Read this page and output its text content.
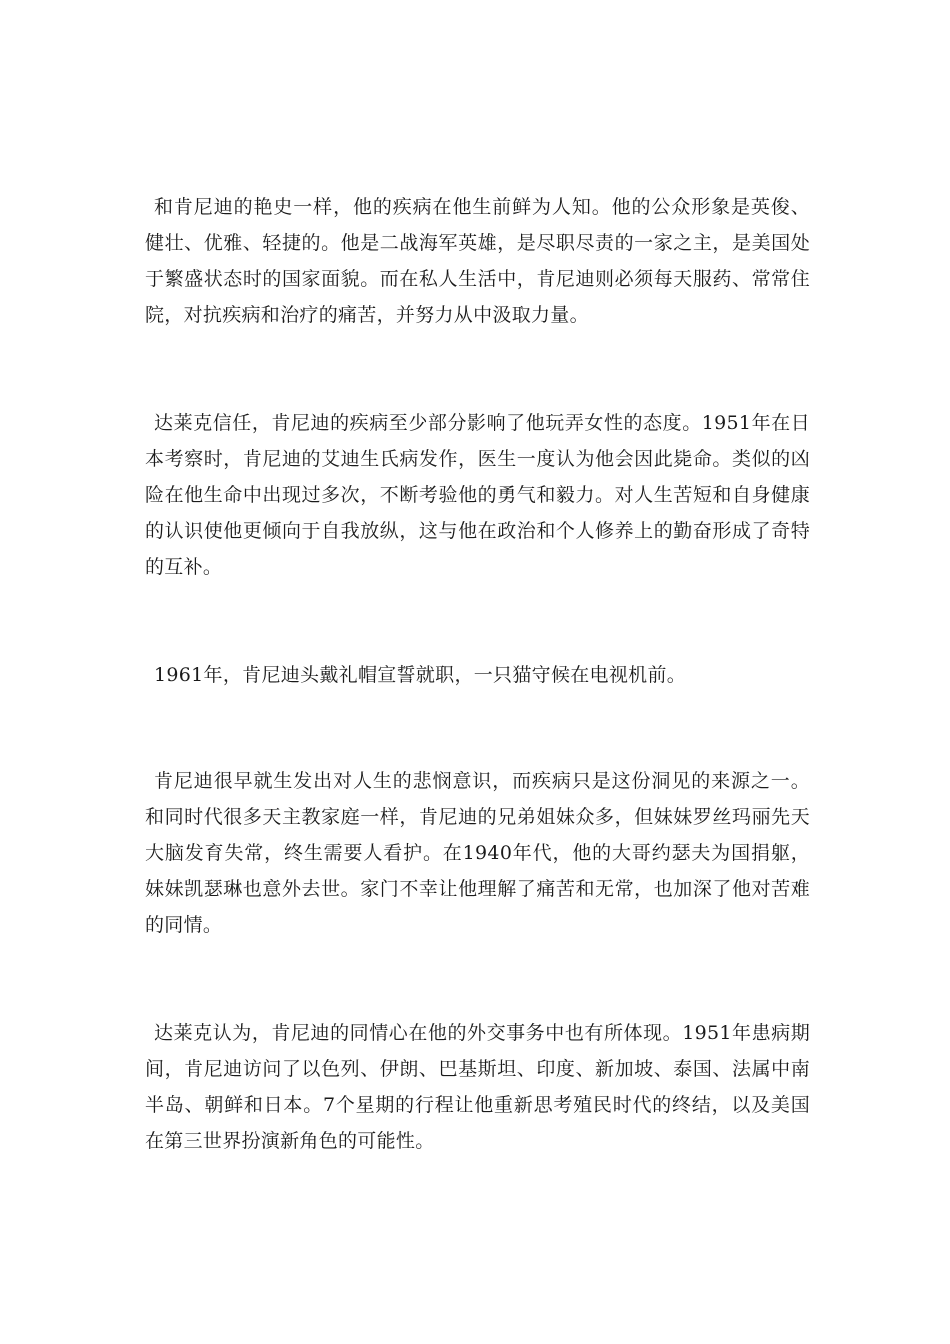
和肯尼迪的艳史一样，他的疾病在他生前鲜为人知。他的公众形象是英俊、健壮、优雅、轻捷的。他是二战海军英雄，是尽职尽责的一家之主，是美国处于繁盛状态时的国家面貌。而在私人生活中，肯尼迪则必须每天服药、常常住院，对抗疾病和治疗的痛苦，并努力从中汲取力量。

达莱克信任，肯尼迪的疾病至少部分影响了他玩弄女性的态度。1951年在日本考察时，肯尼迪的艾迪生氏病发作，医生一度认为他会因此毙命。类似的凶险在他生命中出现过多次，不断考验他的勇气和毅力。对人生苦短和自身健康的认识使他更倾向于自我放纵，这与他在政治和个人修养上的勤奋形成了奇特的互补。

1961年，肯尼迪头戴礼帽宣誓就职，一只猫守候在电视机前。

肯尼迪很早就生发出对人生的悲悯意识，而疾病只是这份洞见的来源之一。和同时代很多天主教家庭一样，肯尼迪的兄弟姐妹众多，但妹妹罗丝玛丽先天大脑发育失常，终生需要人看护。在1940年代，他的大哥约瑟夫为国捐躯，妹妹凯瑟琳也意外去世。家门不幸让他理解了痛苦和无常，也加深了他对苦难的同情。

达莱克认为，肯尼迪的同情心在他的外交事务中也有所体现。1951年患病期间，肯尼迪访问了以色列、伊朗、巴基斯坦、印度、新加坡、泰国、法属中南半岛、朝鲜和日本。7个星期的行程让他重新思考殖民时代的终结，以及美国在第三世界扮演新角色的可能性。
